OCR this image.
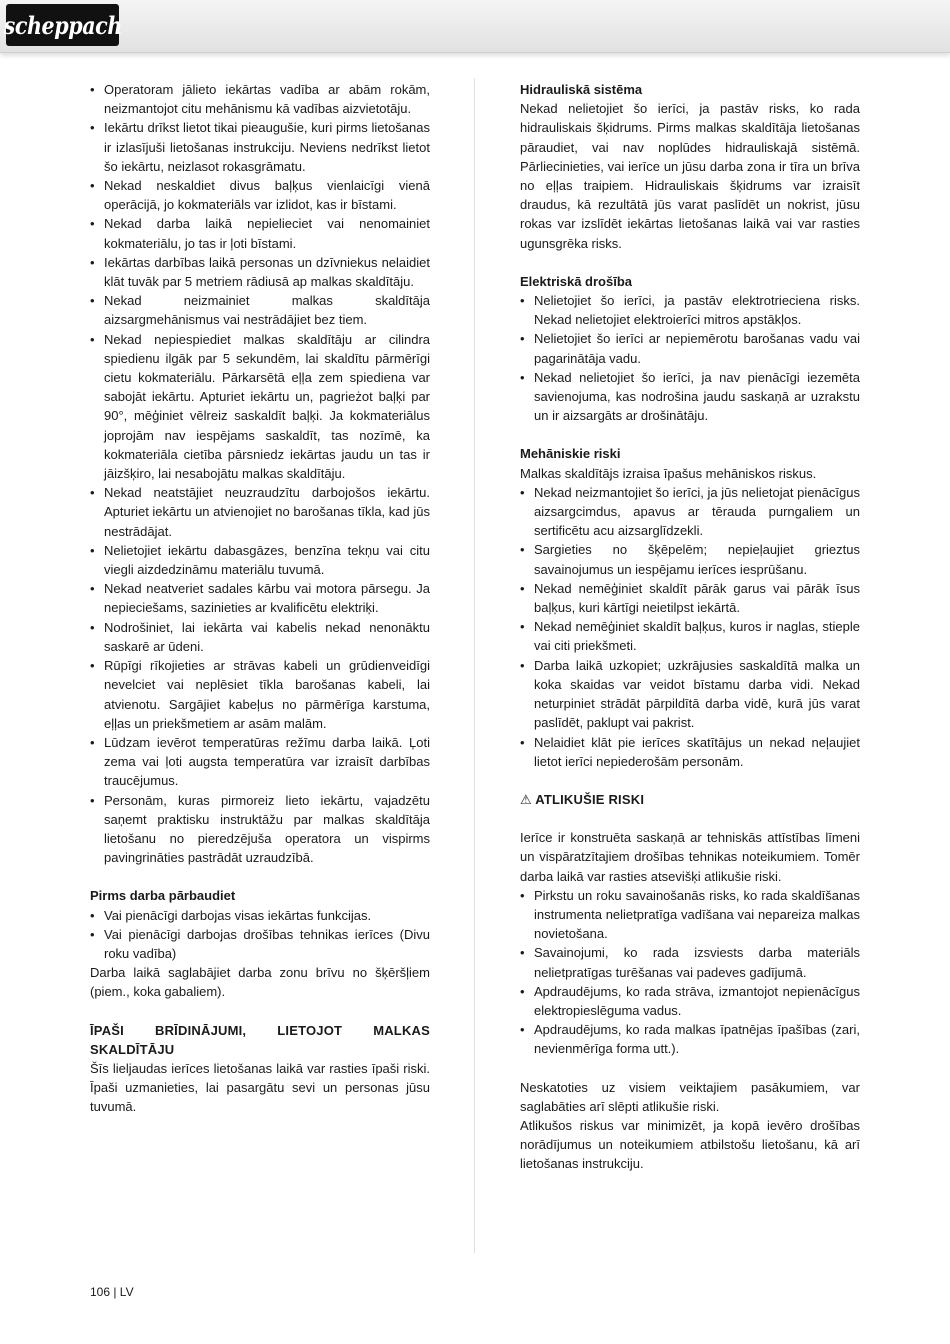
scheppach
• Operatoram jālieto iekārtas vadība ar abām rokām, neizmantojot citu mehānismu kā vadības aizvietotāju.
• Iekārtu drīkst lietot tikai pieaugušie, kuri pirms lietošanas ir izlasījuši lietošanas instrukciju. Neviens nedrīkst lietot šo iekārtu, neizlasot rokasgrāmatu.
• Nekad neskaldiet divus baļķus vienlaicīgi vienā operācijā, jo kokmateriāls var izlidot, kas ir bīstami.
• Nekad darba laikā nepielieciet vai nenomainiet kokmateriālu, jo tas ir ļoti bīstami.
• Iekārtas darbības laikā personas un dzīvniekus nelaidiet klāt tuvāk par 5 metriem rādiusā ap malkas skaldītāju.
• Nekad neizmainiet malkas skaldītāja aizsargmehānismus vai nestrādājiet bez tiem.
• Nekad nepiespiediet malkas skaldītāju ar cilindra spiedienu ilgāk par 5 sekundēm, lai skaldītu pārmērīgi cietu kokmateriālu. Pārkarsētā eļļa zem spiediena var sabojāt iekārtu. Apturiet iekārtu un, pagrieżot baļķi par 90°, mēģiniet vēlreiz saskaldīt baļķi. Ja kokmateriālus joprojām nav iespējams saskaldīt, tas nozīmē, ka kokmateriāla cietība pārsniedz iekārtas jaudu un tas ir jāizšķiro, lai nesabojātu malkas skaldītāju.
• Nekad neatstājiet neuzraudzītu darbojošos iekārtu. Apturiet iekārtu un atvienojiet no barošanas tīkla, kad jūs nestrādājat.
• Nelietojiet iekārtu dabasgāzes, benzīna tekņu vai citu viegli aizdedzināmu materiālu tuvumā.
• Nekad neatveriet sadales kārbu vai motora pārsegu. Ja nepieciešams, sazinieties ar kvalificētu elektriķi.
• Nodrošiniet, lai iekārta vai kabelis nekad nenonāktu saskarē ar ūdeni.
• Rūpīgi rīkojieties ar strāvas kabeli un grūdienveidīgi nevelciet vai neplēsiet tīkla barošanas kabeli, lai atvienotu. Sargājiet kabeļus no pārmērīga karstuma, eļļas un priekšmetiem ar asām malām.
• Lūdzam ievērot temperatūras režīmu darba laikā. Ļoti zema vai ļoti augsta temperatūra var izraisīt darbības traucējumus.
• Personām, kuras pirmoreiz lieto iekārtu, vajadzētu saņemt praktisku instruktāžu par malkas skaldītāja lietošanu no pieredzējuša operatora un vispirms pavingrināties pastrādāt uzraudzībā.

Pirms darba pārbaudiet

• Vai pienācīgi darbojas visas iekārtas funkcijas.
• Vai pienācīgi darbojas drošības tehnikas ierīces (Divu roku vadība)

Darba laikā saglabājiet darba zonu brīvu no šķēršļiem (piem., koka gabaliem).

ĪPAŠI BRĪDINĀJUMI, LIETOJOT MALKAS SKALDĪTĀJU

Šīs lieljaudas ierīces lietošanas laikā var rasties īpaši riski. Īpaši uzmanieties, lai pasargātu sevi un personas jūsu tuvumā.

Hidrauliskā sistēma

Nekad nelietojiet šo ierīci, ja pastāv risks, ko rada hidrauliskais šķidrums. Pirms malkas skaldītāja lietošanas pāraudiet, vai nav noplūdes hidrauliskajā sistēmā. Pārliecinieties, vai ierīce un jūsu darba zona ir tīra un brīva no eļļas traipiem. Hidrauliskais šķidrums var izraisīt draudus, kā rezultātā jūs varat paslīdēt un nokrist, jūsu rokas var izslīdēt iekārtas lietošanas laikā vai var rasties ugunsgrēka risks.

Elektriskā drošība

• Nelietojiet šo ierīci, ja pastāv elektrotrieciena risks. Nekad nelietojiet elektroierīci mitros apstākļos.
• Nelietojiet šo ierīci ar nepiemērotu barošanas vadu vai pagarinātāja vadu.
• Nekad nelietojiet šo ierīci, ja nav pienācīgi iezemēta savienojuma, kas nodrošina jaudu saskaņā ar uzrakstu un ir aizsargāts ar drošinātāju.

Mehāniskie riski

Malkas skaldītājs izraisa īpašus mehāniskos riskus.

• Nekad neizmantojiet šo ierīci, ja jūs nelietojat pienācīgus aizsargcimdus, apavus ar tērauda purngaliem un sertificētu acu aizsarglīdzekli.
• Sargieties no šķēpelēm; nepieļaujiet grieztus savainojumus un iespējamu ierīces iesprūšanu.
• Nekad nemēģiniet skaldīt pārāk garus vai pārāk īsus baļķus, kuri kārtīgi neietilpst iekārtā.
• Nekad nemēģiniet skaldīt baļķus, kuros ir naglas, stieple vai citi priekšmeti.
• Darba laikā uzkopiet; uzkrājusies saskaldītā malka un koka skaidas var veidot bīstamu darba vidi. Nekad neturpiniet strādāt pārpildītā darba vidē, kurā jūs varat paslīdēt, paklupt vai pakrist.
• Nelaidiet klāt pie ierīces skatītājus un nekad neļaujiet lietot ierīci nepiederošām personām.

⚠ ATLIKUŠIE RISKI

Ierīce ir konstruēta saskaņā ar tehniskās attīstības līmeni un vispāratzītajiem drošības tehnikas noteikumiem. Tomēr darba laikā var rasties atsevišķi atlikušie riski.

• Pirkstu un roku savainošanās risks, ko rada skaldīšanas instrumenta nelietpratīga vadīšana vai nepareiza malkas novietošana.
• Savainojumi, ko rada izsviests darba materiāls nelietpratīgas turēšanas vai padeves gadījumā.
• Apdraudējums, ko rada strāva, izmantojot nepienācīgus elektropieslēguma vadus.
• Apdraudējums, ko rada malkas īpatnējas īpašības (zari, nevienmērīga forma utt.).

Neskatoties uz visiem veiktajiem pasākumiem, var saglabāties arī slēpti atlikušie riski.

Atlikušos riskus var minimizēt, ja kopā ievēro drošības norādījumus un noteikumiem atbilstošu lietošanu, kā arī lietošanas instrukciju.

106 | LV
